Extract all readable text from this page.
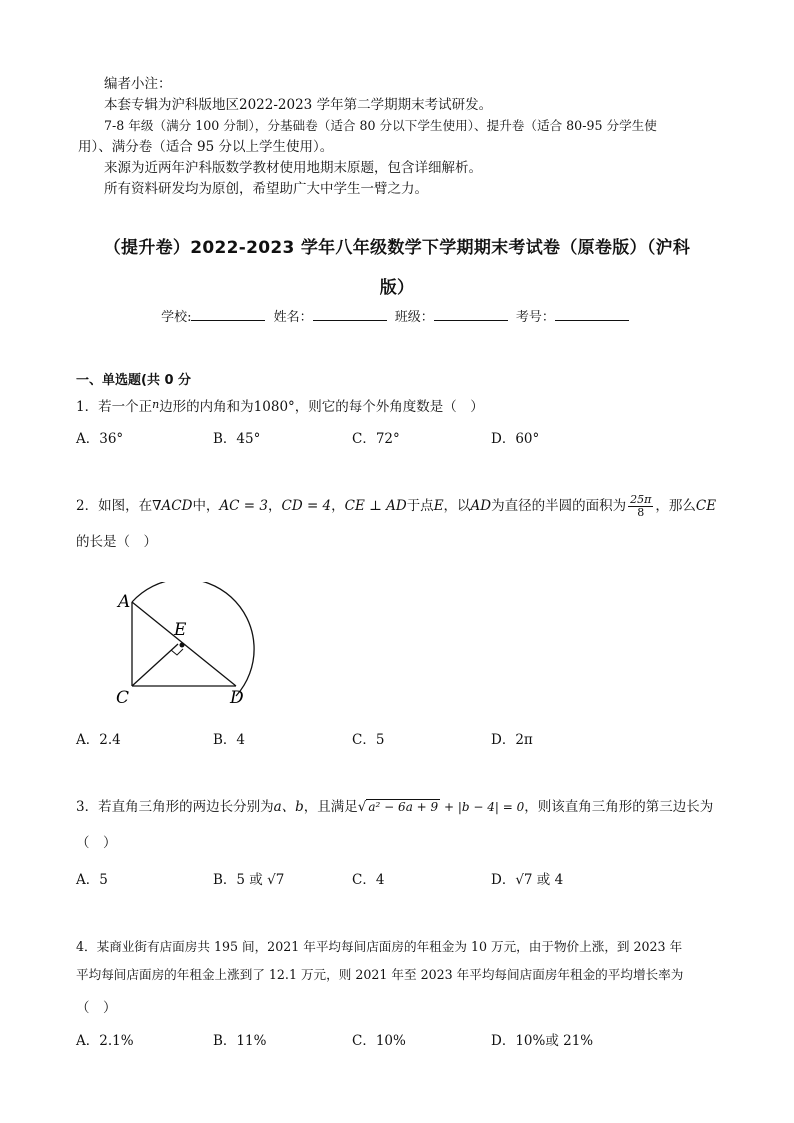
编者小注：
本套专辑为沪科版地区2022-2023 学年第二学期期末考试研发。
7-8 年级（满分 100 分制），分基础卷（适合 80 分以下学生使用）、提升卷（适合 80-95 分学生使
用）、满分卷（适合 95 分以上学生使用）。
来源为近两年沪科版数学教材使用地期末原题，包含详细解析。
所有资料研发均为原创，希望助广大中学生一臂之力。
（提升卷）2022-2023 学年八年级数学下学期期末考试卷（原卷版）（沪科
版）
学校:	姓名：	班级：	考号：
一、单选题(共 0 分
1．若一个正$^n$边形的内角和为1080°，则它的每个外角度数是（　）
A．36°	B．45°	C．72°	D．60°
2．如图，在∇ACD中，AC = 3，CD = 4，CE ⊥ AD于点E，以AD为直径的半圆的面积为 $\frac{25\pi}{8}$ ，那么CE
的长是（　）
A
E
C	D
A．2.4	B．4	C．5	D．2π
3．若直角三角形的两边长分别为a、b，且满足√ a² − 6a + 9 + |b − 4| = 0，则该直角三角形的第三边长为
（　）
A．5	B．5 或 √7	C．4	D．√7 或 4
4．某商业街有店面房共 195 间，2021 年平均每间店面房的年租金为 10 万元，由于物价上涨，到 2023 年
平均每间店面房的年租金上涨到了 12.1 万元，则 2021 年至 2023 年平均每间店面房年租金的平均增长率为
（　）
A．2.1%	B．11%	C．10%	D．10%或 21%
